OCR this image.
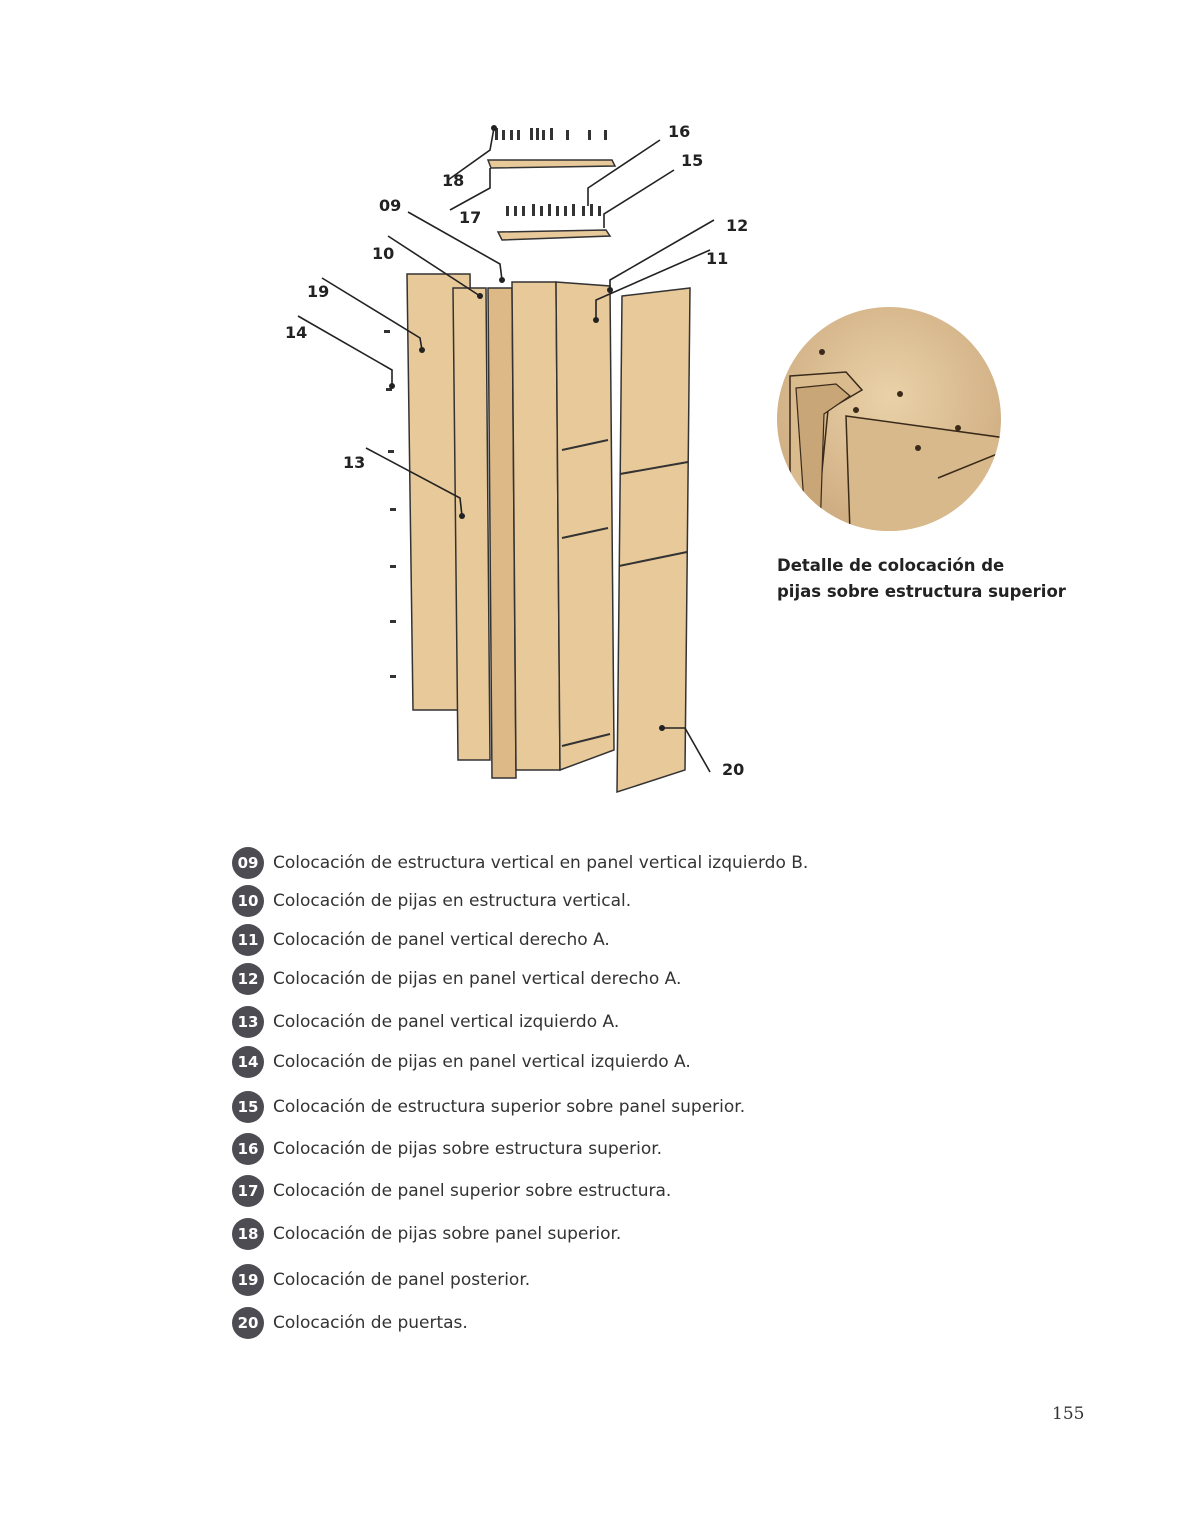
16
15
18
17
09
12
10	11
19
14
13
20
Detalle de colocación de
pijas sobre estructura superior
09 Colocación de estructura vertical en panel vertical izquierdo B.
10 Colocación de pijas en estructura vertical.
11 Colocación de panel vertical derecho A.
12 Colocación de pijas en panel vertical derecho A.
13 Colocación de panel vertical izquierdo A.
14 Colocación de pijas en panel vertical izquierdo A.
15 Colocación de estructura superior sobre panel superior.
16 Colocación de pijas sobre estructura superior.
17 Colocación de panel superior sobre estructura.
18 Colocación de pijas sobre panel superior.
19 Colocación de panel posterior.
20 Colocación de puertas.
155
